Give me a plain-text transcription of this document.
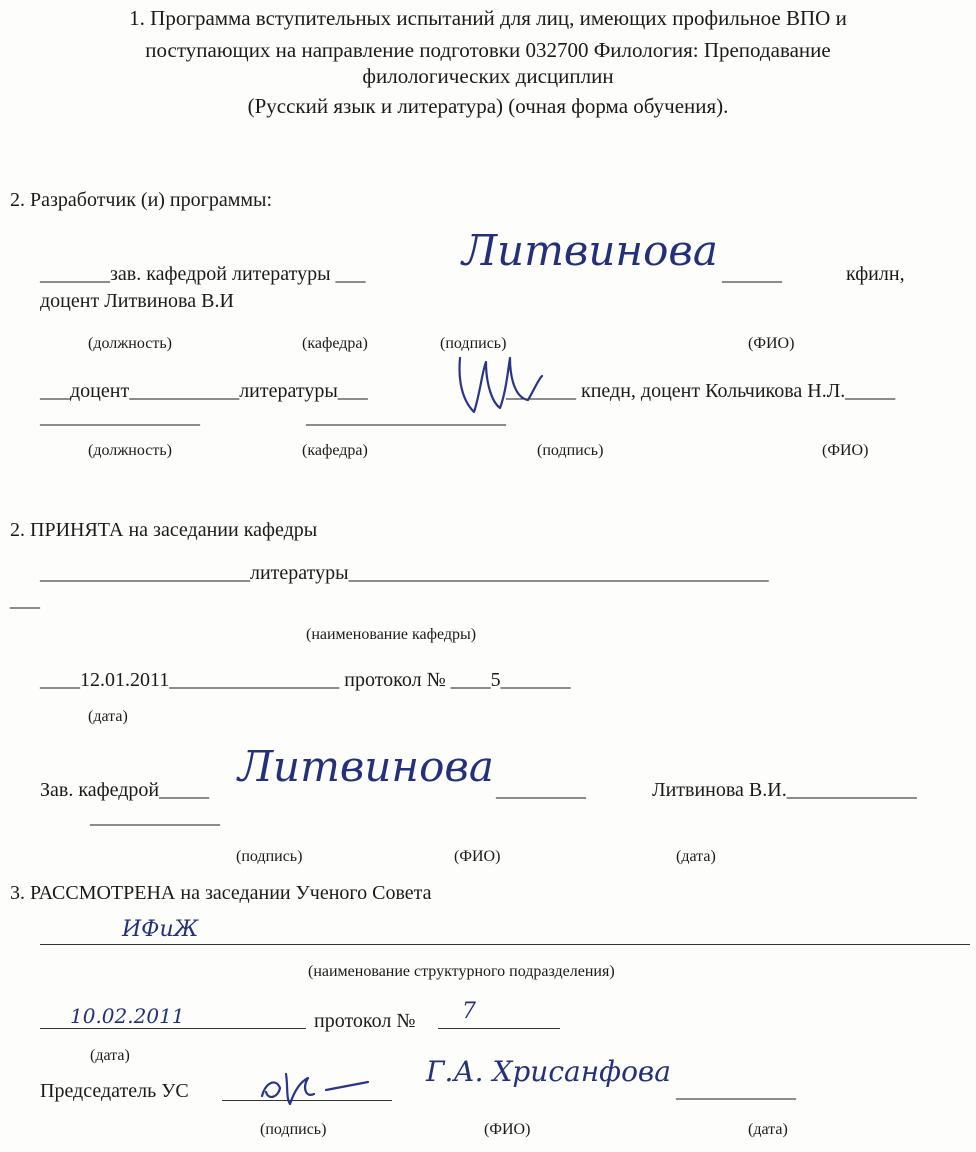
1. Программа вступительных испытаний для лиц, имеющих профильное ВПО и
поступающих на направление подготовки 032700 Филология: Преподавание
филологических дисциплин
(Русский язык и литература) (очная форма обучения).
2. Разработчик (и) программы:
_______зав. кафедрой литературы ___	______	кфилн,
доцент Литвинова В.И
Литвинова
(должность)	(кафедра)	(подпись)	(ФИО)
___доцент___________литературы___	_______ кпедн, доцент Кольчикова Н.Л._____
________________	____________________
(должность)	(кафедра)	(подпись)	(ФИО)
2. ПРИНЯТА на заседании кафедры
_____________________литературы__________________________________________
___
(наименование кафедры)
____12.01.2011_________________ протокол № ____5_______
(дата)
Зав. кафедрой_____ Литвинова _________	Литвинова В.И._____________
_____________
(подпись)	(ФИО)	(дата)
3. РАССМОТРЕНА на заседании Ученого Совета
ИФиЖ
(наименование структурного подразделения)
10.02.2011	протокол № 7
(дата)
Председатель УС
Г.А. Хрисанфова
____________
(подпись)	(ФИО)	(дата)
